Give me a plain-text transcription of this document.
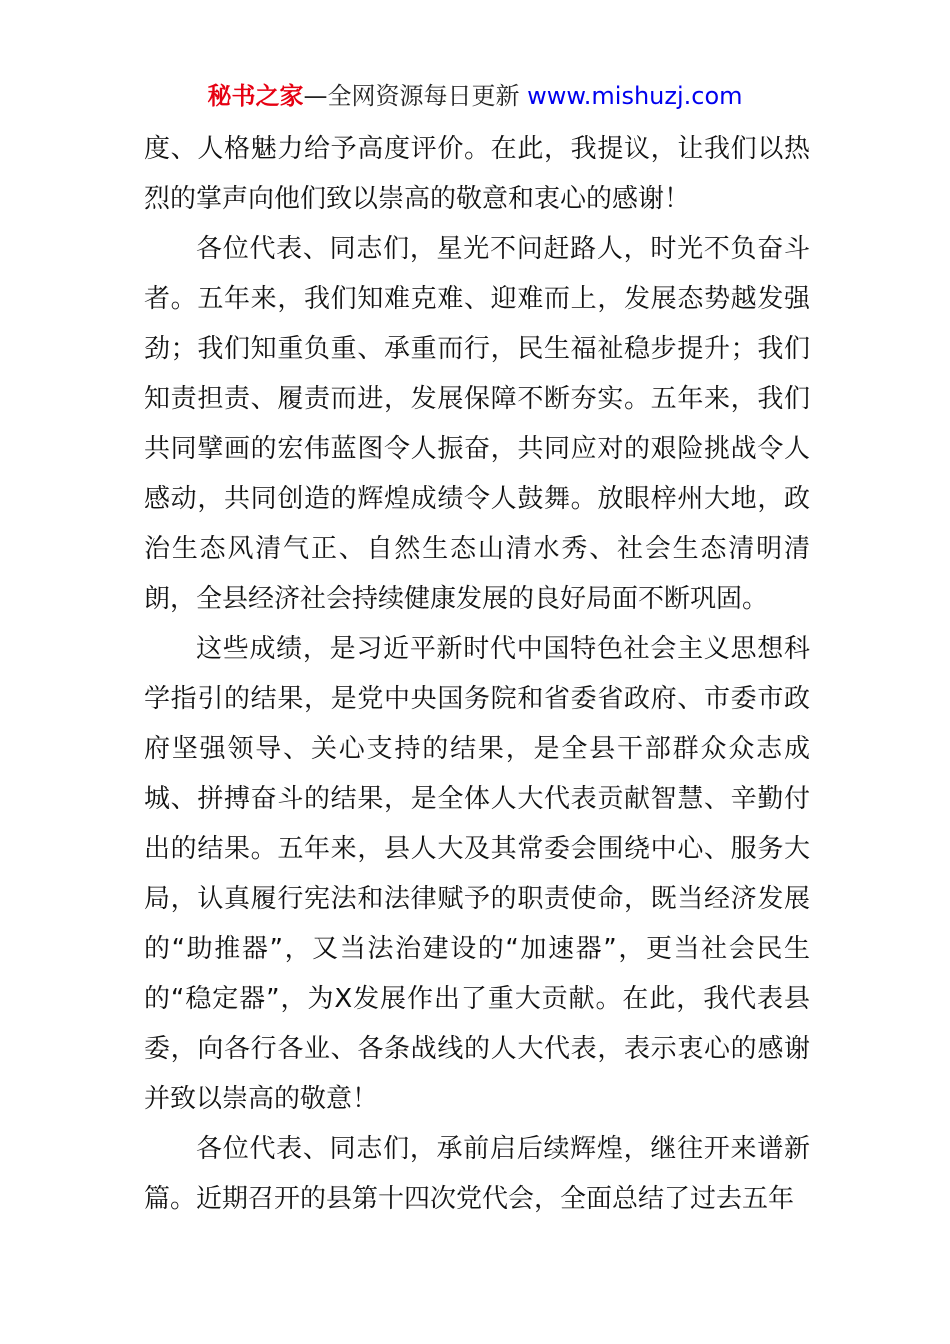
秘书之家—全网资源每日更新 www.mishuzj.com

度、人格魅力给予高度评价。在此，我提议，让我们以热烈的掌声向他们致以崇高的敬意和衷心的感谢！

各位代表、同志们，星光不问赶路人，时光不负奋斗者。五年来，我们知难克难、迎难而上，发展态势越发强劲；我们知重负重、承重而行，民生福祉稳步提升；我们知责担责、履责而进，发展保障不断夯实。五年来，我们共同擘画的宏伟蓝图令人振奋，共同应对的艰险挑战令人感动，共同创造的辉煌成绩令人鼓舞。放眼梓州大地，政治生态风清气正、自然生态山清水秀、社会生态清明清朗，全县经济社会持续健康发展的良好局面不断巩固。

这些成绩，是习近平新时代中国特色社会主义思想科学指引的结果，是党中央国务院和省委省政府、市委市政府坚强领导、关心支持的结果，是全县干部群众众志成城、拼搏奋斗的结果，是全体人大代表贡献智慧、辛勤付出的结果。五年来，县人大及其常委会围绕中心、服务大局，认真履行宪法和法律赋予的职责使命，既当经济发展的“助推器”，又当法治建设的“加速器”，更当社会民生的“稳定器”，为X发展作出了重大贡献。在此，我代表县委，向各行各业、各条战线的人大代表，表示衷心的感谢并致以崇高的敬意！

各位代表、同志们，承前启后续辉煌，继往开来谱新篇。近期召开的县第十四次党代会，全面总结了过去五年
